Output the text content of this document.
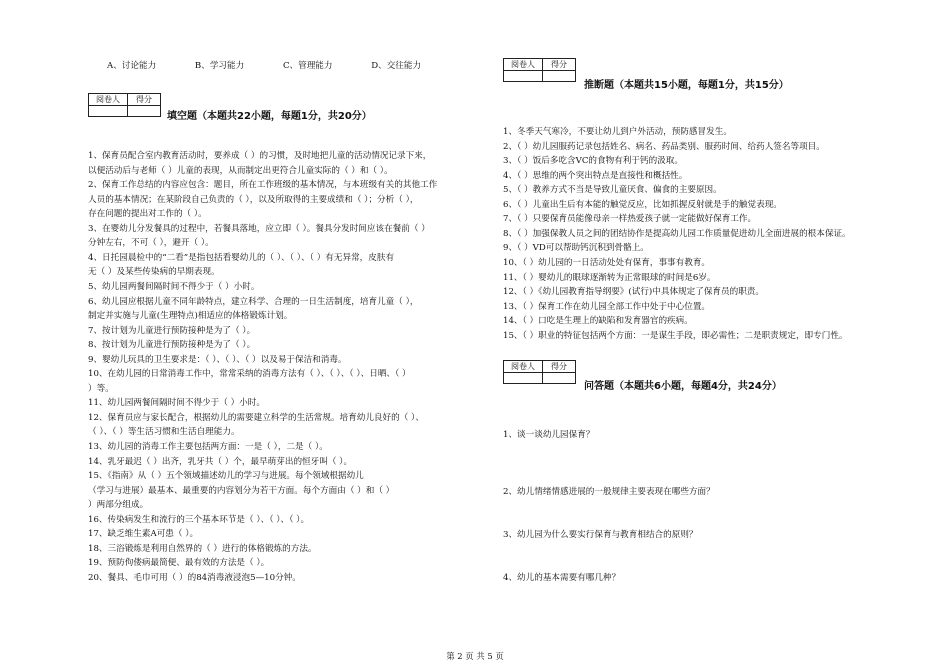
A、讨论能力	B、学习能力	C、管理能力	D、交往能力
阅卷人	得分

填空题（本题共22小题，每题1分，共20分）
1、保育员配合室内教育活动时，要养成（ ）的习惯，及时地把儿童的活动情况记录下来，
以便活动后与老师（ ）儿童的表现，从而制定出更符合儿童实际的（ ）和（ ）。
2、保育工作总结的内容应包含：题目，所在工作班级的基本情况，与本班级有关的其他工作
人员的基本情况；在某阶段自己负责的（ ），以及所取得的主要成绩和（ ）；分析（ ），
存在问题的提出对工作的（ ）。
3、在婴幼儿分发餐具的过程中，若餐具落地，应立即（ ）。餐具分发时间应该在餐前（ ）
分钟左右，不可（ ），避开（ ）。
4、日托园晨检中的“二看”是指包括看婴幼儿的（ ）、（ ）、（ ）有无异常，皮肤有
无（ ）及某些传染病的早期表现。
5、幼儿园两餐间隔时间不得少于（ ）小时。
6、幼儿园应根据儿童不同年龄特点，建立科学、合理的一日生活制度，培育儿童（ ），
制定并实施与儿童(生理特点)相适应的体格锻炼计划。
7、按计划为儿童进行预防接种是为了（ ）。
8、按计划为儿童进行预防接种是为了（ ）。
9、婴幼儿玩具的卫生要求是：（ ）、（ ）、（ ）以及易于保洁和消毒。
10、在幼儿园的日常消毒工作中，常常采纳的消毒方法有（ ）、（ ）、（ ）、日晒、（ ）
）等。
11、幼儿园两餐间隔时间不得少于（ ）小时。
12、保育员应与家长配合，根据幼儿的需要建立科学的生活常规。培育幼儿良好的（ ）、
（ ）、（ ）等生活习惯和生活自理能力。
13、幼儿园的消毒工作主要包括两方面：一是（ ），二是（ ）。
14、乳牙最迟（ ）出齐，乳牙共（ ）个，最早萌芽出的恒牙叫（ ）。
15、《指南》从（ ）五个领域描述幼儿的学习与进展。每个领域根据幼儿
（学习与进展）最基本、最重要的内容划分为若干方面。每个方面由（ ）和（ ）
）两部分组成。
16、传染病发生和流行的三个基本环节是（ ）、（ ）、（ ）。
17、缺乏维生素A可患（ ）。
18、三浴锻炼是利用自然界的（ ）进行的体格锻炼的方法。
19、预防佝偻病最简便、最有效的方法是（ ）。
20、餐具、毛巾可用（ ）的84消毒液浸泡5—10分钟。
阅卷人	得分

推断题（本题共15小题，每题1分，共15分）
1、冬季天气寒冷，不要让幼儿到户外活动，预防感冒发生。
2、（ ）幼儿园服药记录包括姓名、病名、药品类别、服药时间、给药人签名等项目。
3、（ ）饭后多吃含VC的食物有利于钙的汲取。
4、（ ）思维的两个突出特点是直接性和概括性。
5、（ ）教养方式不当是导致儿童厌食、偏食的主要原因。
6、（ ）儿童出生后有本能的触觉反应，比如抓握反射就是手的触觉表现。
7、（ ）只要保育员能像母亲一样热爱孩子就一定能做好保育工作。
8、（ ）加强保教人员之间的团结协作是提高幼儿园工作质量促进幼儿全面进展的根本保证。
9、（ ）VD可以帮助钙沉积到骨骼上。
10、（ ）幼儿园的一日活动处处有保育，事事有教育。
11、（ ）婴幼儿的眼球逐渐转为正常眼球的时间是6岁。
12、（ ）《幼儿园教育指导纲要》(试行)中具体规定了保育员的职责。
13、（ ）保育工作在幼儿园全部工作中处于中心位置。
14、（ ）口吃是生理上的缺陷和发育器官的疾病。
15、（ ）职业的特征包括两个方面：一是谋生手段，即必需性；二是职责规定，即专门性。
阅卷人	得分

问答题（本题共6小题，每题4分，共24分）
1、谈一谈幼儿园保育？
2、幼儿情绪情感进展的一般规律主要表现在哪些方面？
3、幼儿园为什么要实行保育与教育相结合的原则？
4、幼儿的基本需要有哪几种？
第 2 页 共 5 页
